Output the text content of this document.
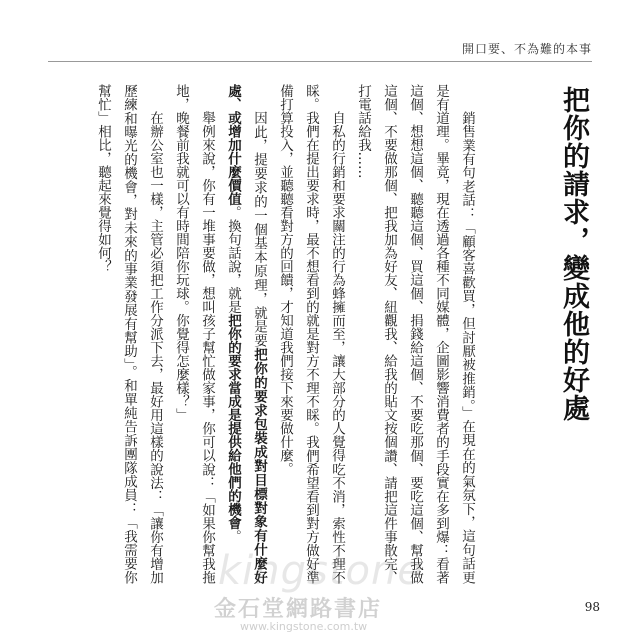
開口要、不為難的本事
把你的請求，變成他的好處

銷售業有句老話：「顧客喜歡買，但討厭被推銷。」在現在的氣氛下，這句話更是有道理。畢竟，現在透過各種不同媒體，企圖影響消費者的手段實在多到爆：看著這個、想想這個、聽聽這個、買這個、捐錢給這個、不要吃那個、要吃這個、幫我做這個、不要做那個、把我加為好友、紐觀我、給我的貼文按個讚、請把這件事散完、打電話給我……

自私的行銷和要求關注的行為蜂擁而至，讓大部分的人覺得吃不消，索性不理不睬。我們在提出要求時，最不想看到的就是對方不理不睬。我們希望看到對方做好準備打算投入，並聽聽看對方的回饋，才知道我們接下來要做什麼。

因此，提要求的一個基本原理，就是要把你的要求包裝成對目標對象有什麼好處、或增加什麼價值。換句話說，就是把你的要求當成是提供給他們的機會。

舉例來說，你有一堆事要做，想叫孩子幫忙做家事，你可以說：「如果你幫我拖地，晚餐前我就可以有時間陪你玩球。你覺得怎麼樣？」

在辦公室也一樣，主管必須把工作分派下去，最好用這樣的說法：「讓你有增加歷練和曝光的機會，對未來的事業發展有幫助」。和單純告訴團隊成員：「我需要你幫忙」相比，聽起來覺得如何？

kingstone
金石堂網路書店
www.kingstone.com.tw
98
